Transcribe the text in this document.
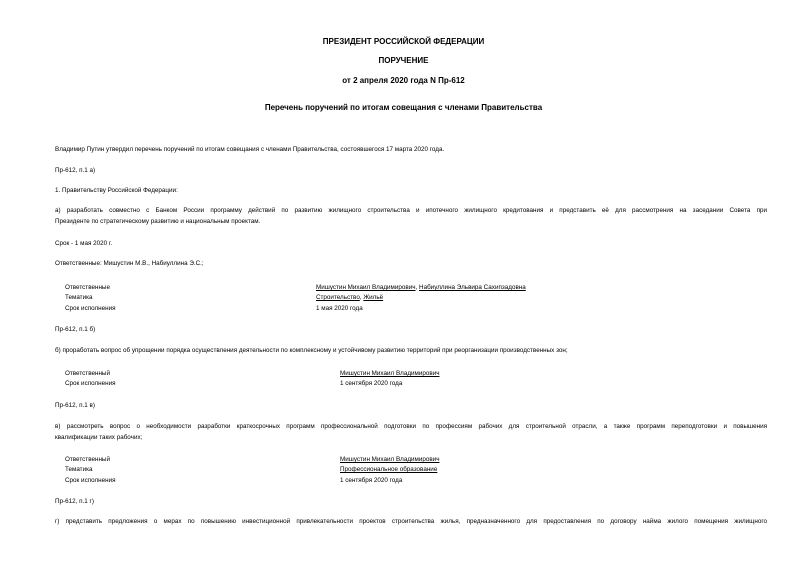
ПРЕЗИДЕНТ РОССИЙСКОЙ ФЕДЕРАЦИИ
ПОРУЧЕНИЕ
от 2 апреля 2020 года N Пр-612
Перечень поручений по итогам совещания с членами Правительства
Владимир Путин утвердил перечень поручений по итогам совещания с членами Правительства, состоявшегося 17 марта 2020 года.
Пр-612, п.1 а)
1. Правительству Российской Федерации:
а) разработать совместно с Банком России программу действий по развитию жилищного строительства и ипотечного жилищного кредитования и представить её для рассмотрения на заседании Совета при
Президенте по стратегическому развитию и национальным проектам.
Срок - 1 мая 2020 г.
Ответственные: Мишустин М.В., Набиуллина Э.С.;
Ответственные	Мишустин Михаил Владимирович, Набиуллина Эльвира Сахипзадовна
Тематика	Строительство, Жильё
Срок исполнения	1 мая 2020 года
Пр-612, п.1 б)
б) проработать вопрос об упрощении порядка осуществления деятельности по комплексному и устойчивому развитию территорий при реорганизации производственных зон;
Ответственный	Мишустин Михаил Владимирович
Срок исполнения	1 сентября 2020 года
Пр-612, п.1 в)
в) рассмотреть вопрос о необходимости разработки краткосрочных программ профессиональной подготовки по профессиям рабочих для строительной отрасли, а также программ переподготовки и повышения
квалификации таких рабочих;
Ответственный	Мишустин Михаил Владимирович
Тематика	Профессиональное образование
Срок исполнения	1 сентября 2020 года
Пр-612, п.1 г)
г) представить предложения о мерах по повышению инвестиционной привлекательности проектов строительства жилья, предназначенного для предоставления по договору найма жилого помещения жилищного
